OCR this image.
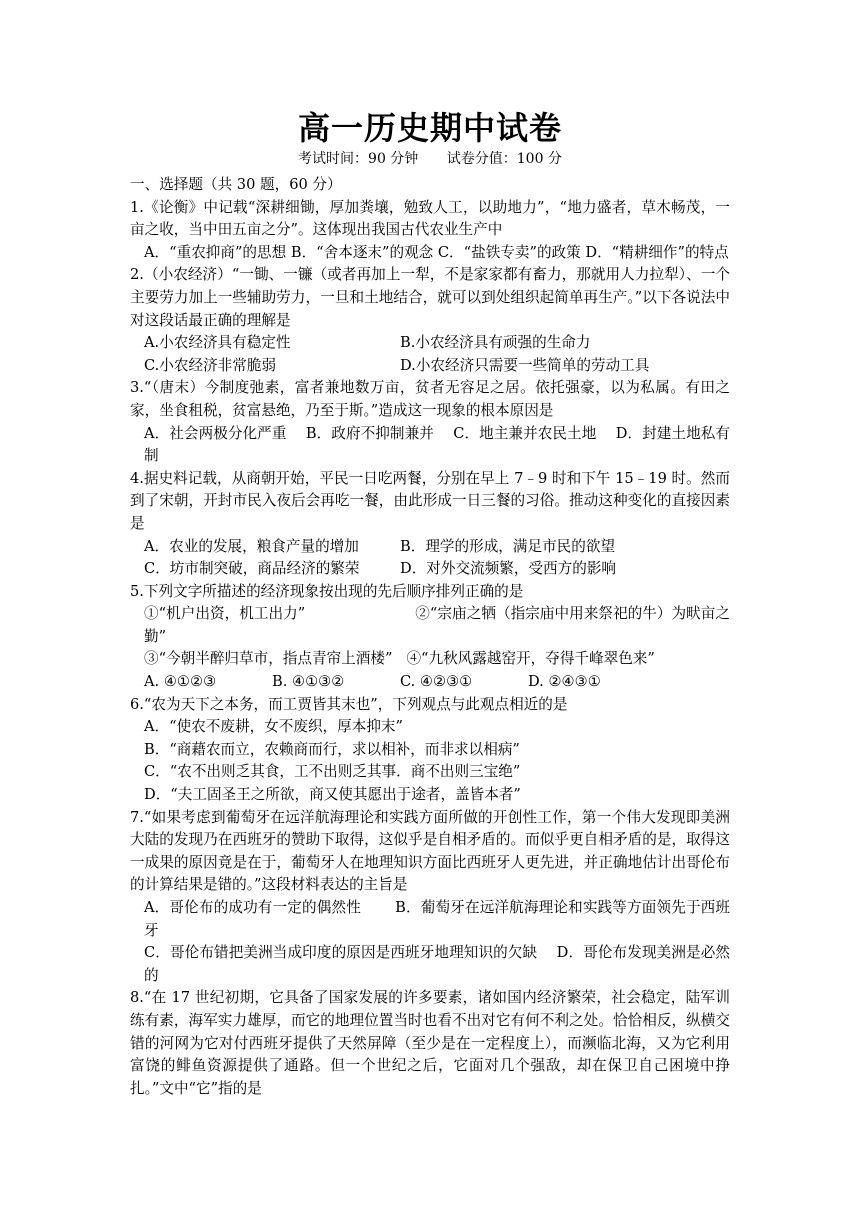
高一历史期中试卷
考试时间：90 分钟 试卷分值：100 分

一、选择题（共 30 题，60 分）

1.《论衡》中记载“深耕细锄，厚加粪壤，勉致人工，以助地力”，“地力盛者，草木畅茂，一亩之收，当中田五亩之分”。这体现出我国古代农业生产中

A．“重农抑商”的思想 B．“舍本逐末”的观念 C．“盐铁专卖”的政策 D．“精耕细作”的特点

2.（小农经济）“一锄、一镰（或者再加上一犁，不是家家都有畜力，那就用人力拉犁）、一个主要劳力加上一些辅助劳力，一旦和土地结合，就可以到处组织起简单再生产。”以下各说法中对这段话最正确的理解是

A.小农经济具有稳定性	B.小农经济具有顽强的生命力
C.小农经济非常脆弱	D.小农经济只需要一些简单的劳动工具

3.“（唐末）今制度弛素，富者兼地数万亩，贫者无容足之居。依托强豪，以为私属。有田之家，坐食租税，贫富悬绝，乃至于斯。”造成这一现象的根本原因是

A．社会两极分化严重　 B．政府不抑制兼并　 C．地主兼并农民土地　 D．封建土地私有制

4.据史料记载，从商朝开始，平民一日吃两餐，分别在早上 7﹣9 时和下午 15﹣19 时。然而到了宋朝，开封市民入夜后会再吃一餐，由此形成一日三餐的习俗。推动这种变化的直接因素是

A．农业的发展，粮食产量的增加	B．理学的形成，满足市民的欲望
C．坊市制突破，商品经济的繁荣	D．对外交流频繁，受西方的影响

5.下列文字所描述的经济现象按出现的先后顺序排列正确的是

①“机户出资，机工出力”	②“宗庙之牺（指宗庙中用来祭祀的牛）为畎亩之勤”

③“今朝半醉归草市，指点青帘上酒楼” ④“九秋风露越窑开，夺得千峰翠色来”

A. ④①②③	B. ④①③②	C. ④②③①	D. ②④③①

6.“农为天下之本务，而工贾皆其末也”，下列观点与此观点相近的是

A．“使农不废耕，女不废织，厚本抑末”

B．“商藉农而立，农赖商而行，求以相补，而非求以相病”

C．“农不出则乏其食，工不出则乏其事．商不出则三宝绝”

D．“夫工固圣王之所欲，商又使其愿出于途者，盖皆本者”

7.“如果考虑到葡萄牙在远洋航海理论和实践方面所做的开创性工作，第一个伟大发现即美洲大陆的发现乃在西班牙的赞助下取得，这似乎是自相矛盾的。而似乎更自相矛盾的是，取得这一成果的原因竟是在于，葡萄牙人在地理知识方面比西班牙人更先进，并正确地估计出哥伦布的计算结果是错的。”这段材料表达的主旨是

A．哥伦布的成功有一定的偶然性　　 B．葡萄牙在远洋航海理论和实践等方面领先于西班牙

C．哥伦布错把美洲当成印度的原因是西班牙地理知识的欠缺　 D．哥伦布发现美洲是必然的

8.“在 17 世纪初期，它具备了国家发展的许多要素，诸如国内经济繁荣，社会稳定，陆军训练有素，海军实力雄厚，而它的地理位置当时也看不出对它有何不利之处。恰恰相反，纵横交错的河网为它对付西班牙提供了天然屏障（至少是在一定程度上），而濒临北海，又为它利用富饶的鲱鱼资源提供了通路。但一个世纪之后，它面对几个强敌，却在保卫自己困境中挣扎。”文中“它”指的是
